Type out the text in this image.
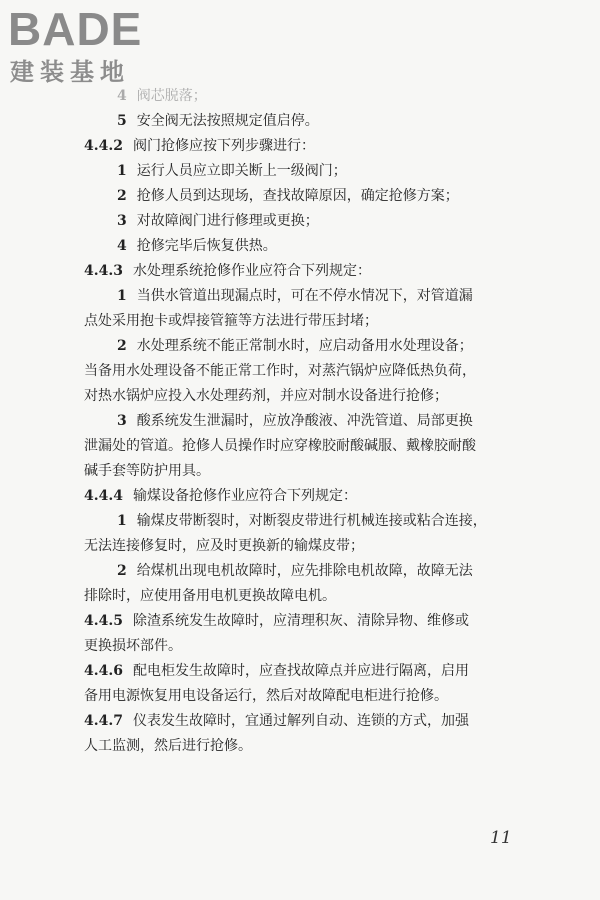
BADE
建装基地
4 阀芯脱落；
5 安全阀无法按照规定值启停。
4.4.2 阀门抢修应按下列步骤进行：
1 运行人员应立即关断上一级阀门；
2 抢修人员到达现场，查找故障原因，确定抢修方案；
3 对故障阀门进行修理或更换；
4 抢修完毕后恢复供热。
4.4.3 水处理系统抢修作业应符合下列规定：
1 当供水管道出现漏点时，可在不停水情况下，对管道漏
点处采用抱卡或焊接管箍等方法进行带压封堵；
2 水处理系统不能正常制水时，应启动备用水处理设备；
当备用水处理设备不能正常工作时，对蒸汽锅炉应降低热负荷，
对热水锅炉应投入水处理药剂，并应对制水设备进行抢修；
3 酸系统发生泄漏时，应放净酸液、冲洗管道、局部更换
泄漏处的管道。抢修人员操作时应穿橡胶耐酸碱服、戴橡胶耐酸
碱手套等防护用具。
4.4.4 输煤设备抢修作业应符合下列规定：
1 输煤皮带断裂时，对断裂皮带进行机械连接或粘合连接，
无法连接修复时，应及时更换新的输煤皮带；
2 给煤机出现电机故障时，应先排除电机故障，故障无法
排除时，应使用备用电机更换故障电机。
4.4.5 除渣系统发生故障时，应清理积灰、清除异物、维修或
更换损坏部件。
4.4.6 配电柜发生故障时，应查找故障点并应进行隔离，启用
备用电源恢复用电设备运行，然后对故障配电柜进行抢修。
4.4.7 仪表发生故障时，宜通过解列自动、连锁的方式，加强
人工监测，然后进行抢修。
11
